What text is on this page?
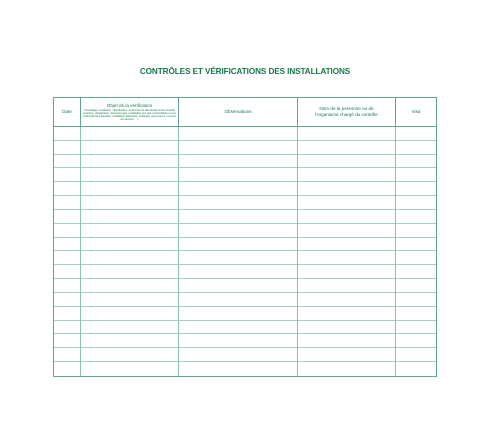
CONTRÔLES ET VÉRIFICATIONS DES INSTALLATIONS
Date
Objet de la vérification
(Chauffage, ventilation, climatisation, production et distribution d'eau chaude sanitaire, réfrigération, désenfumage, installation aux gaz combustibles et aux hydrocarbures liquéfiés, installation électrique, éclairage, ascenseurs, moyens de secours, ...)
Observations
Nom de la personne ou de
l'organisme chargé du contrôle
Visa
